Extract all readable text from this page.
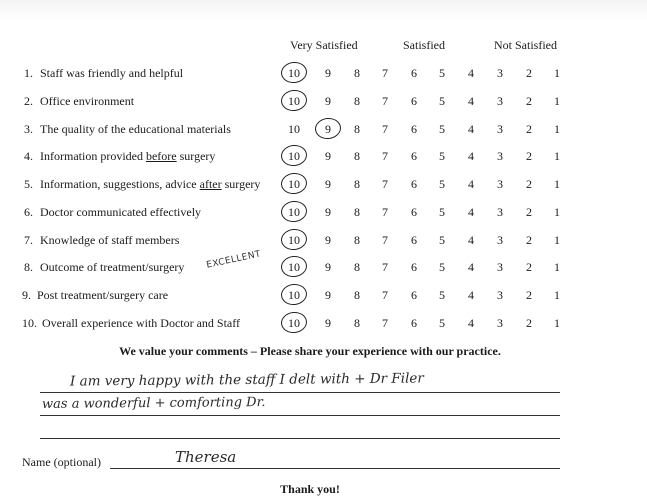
Very Satisfied	Satisfied	Not Satisfied
1. Staff was friendly and helpful	10	9	8	7	6	5	4	3	2	1
2. Office environment	10	9	8	7	6	5	4	3	2	1
3. The quality of the educational materials	10	9	8	7	6	5	4	3	2	1
4. Information provided before surgery	10	9	8	7	6	5	4	3	2	1
5. Information, suggestions, advice after surgery	10	9	8	7	6	5	4	3	2	1
6. Doctor communicated effectively	10	9	8	7	6	5	4	3	2	1
7. Knowledge of staff members	10	9	8	7	6	5	4	3	2	1
8. Outcome of treatment/surgery	10	9	8	7	6	5	4	3	2	1
9. Post treatment/surgery care	10	9	8	7	6	5	4	3	2	1
10. Overall experience with Doctor and Staff	10	9	8	7	6	5	4	3	2	1
EXCELLENT
We value your comments – Please share your experience with our practice.
I am very happy with the staff I delt with + Dr Filer
was a wonderful + comforting Dr.
Name (optional)	Theresa
Thank you!
